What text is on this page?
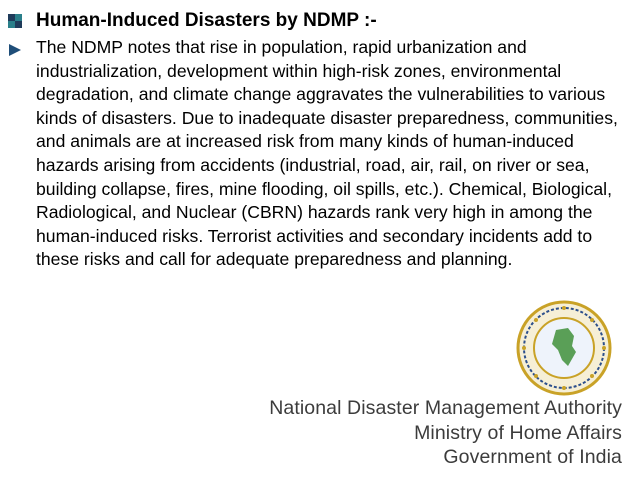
Human-Induced Disasters by NDMP :-

The NDMP notes that rise in population, rapid urbanization and industrialization, development within high-risk zones, environmental degradation, and climate change aggravates the vulnerabilities to various kinds of disasters. Due to inadequate disaster preparedness, communities, and animals are at increased risk from many kinds of human-induced hazards arising from accidents (industrial, road, air, rail, on river or sea, building collapse, fires, mine flooding, oil spills, etc.). Chemical, Biological, Radiological, and Nuclear (CBRN) hazards rank very high in among the human-induced risks. Terrorist activities and secondary incidents add to these risks and call for adequate preparedness and planning.

National Disaster Management Authority
Ministry of Home Affairs
Government of India
